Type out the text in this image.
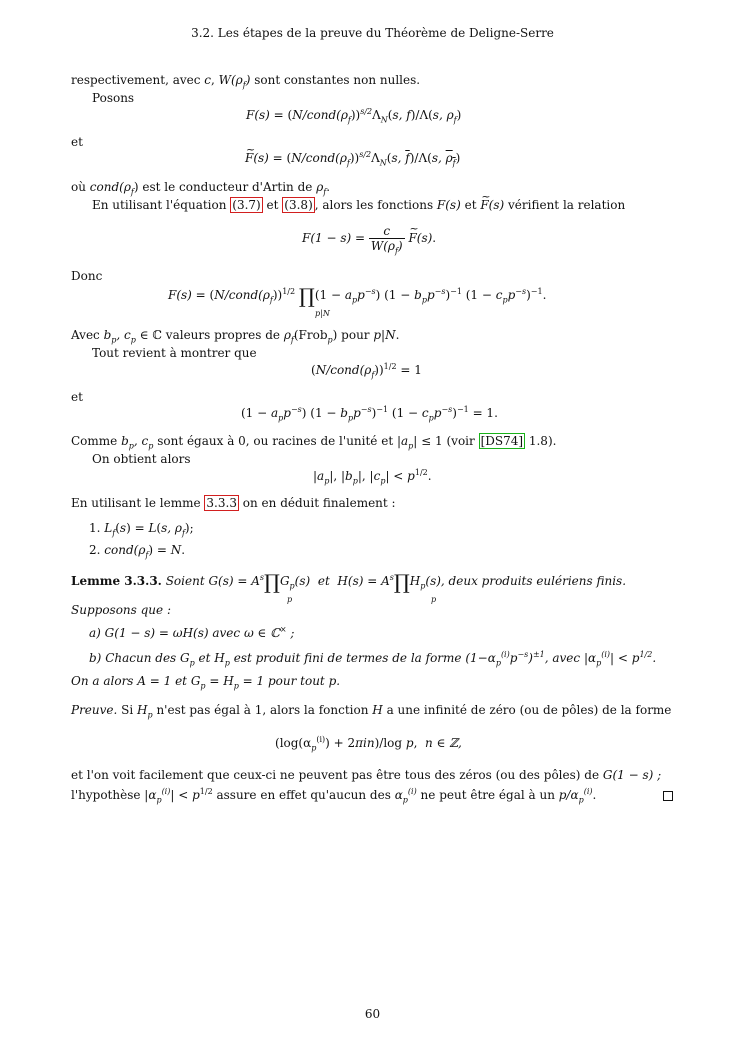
3.2. Les étapes de la preuve du Théorème de Deligne-Serre
respectivement, avec c, $W(\rho_f)$ sont constantes non nulles.
Posons
$F(s) = (N/cond(\rho_f))^{s/2}\Lambda_N(s$, f)/Λ(s, $\rho_f$)
et
~ $F(s) = (N/cond(\rho_f))^{s/2}\Lambda_N(s$, $\overline{f})/\Lambda(s$, $\rho_f$)
où $cond(\rho_f)$ est le conducteur d'Artin de $\rho_f$.
En utilisant l'équation (3.7) et (3.8) , alors les fonctions F(s) et ~ F(s) vérifient la relation
$F(1 - s) = \frac{c}{W(\rho_f)}$ ~ F(s).
Donc
$F(s) = (N/cond(\rho_f))^{1/2}$ ∏(1 − $a_pp^{-s}$) $(1 - b_pp^{-s})^{-1}$ $(1 - c_pp^{-s})^{-1}$.
p|N
Avec $b_p$, $c_p$ ∈ ℂ valeurs propres de $\rho_f(Frob_p)$ pour p|N.
Tout revient à montrer que
$(N/cond(\rho_f))^{1/2} = 1$
et
$(1 - a_pp^{-s})$ $(1 - b_pp^{-s})^{-1}$ $(1 - c_pp^{-s})^{-1} = 1$.
Comme $b_p$, $c_p$ sont égaux à 0, ou racines de l'unité et $|a_p| \le 1$ (voir [DS74] 1.8).
On obtient alors
$|a_p|$, $|b_p|$, $|c_p| < p^{1/2}$.
En utilisant le lemme 3.3.3 on en déduit finalement :
1. $L_f(s) = L(s$, $\rho_f$);
2. $cond(\rho_f) = N$.
Lemme 3.3.3. Soient $G(s) = A^s\prod G_p(s)$  et  $H(s) = A^s\prod H_p(s)$, deux produits eulériens finis.
p	p
Supposons que :
a) G(1 − s) = ωH(s) avec ω ∈ ℂ× ;
b) Chacun des $G_p$ et $H_p$ est produit fini de termes de la forme $(1-\alpha_p^{(i)}p^{-s})^{\pm 1}$, avec $|\alpha_p^{(i)}| < p^{1/2}$.
On a alors A = 1 et $G_p = H_p = 1$ pour tout p.
Preuve. Si $H_p$ n'est pas égal à 1, alors la fonction H a une infinité de zéro (ou de pôles) de la forme
$(\log(\alpha_p^{(i)}) + 2\pi in)/\log$ p,  n ∈ ℤ,
et l'on voit facilement que ceux-ci ne peuvent pas être tous des zéros (ou des pôles) de G(1 − s) ;
l'hypothèse $|\alpha_p^{(i)}| < p^{1/2}$ assure en effet qu'aucun des $\alpha_p^{(i)}$ ne peut être égal à un $p/\alpha_p^{(i)}$.
60
